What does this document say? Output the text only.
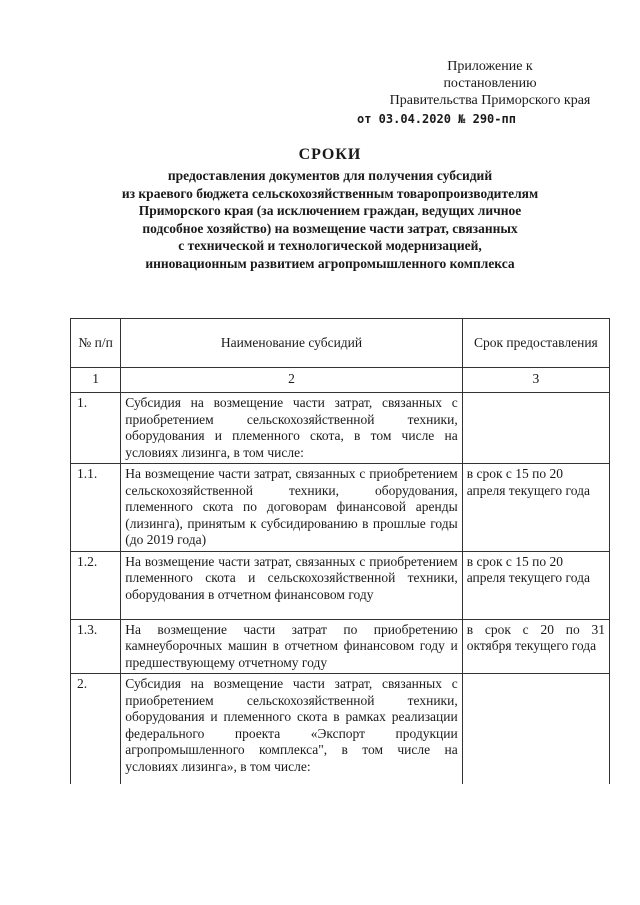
Приложение к
постановлению
Правительства Приморского края
от 03.04.2020 № 290-пп
СРОКИ
предоставления документов для получения субсидий
из краевого бюджета сельскохозяйственным товаропроизводителям
Приморского края (за исключением граждан, ведущих личное
подсобное хозяйство) на возмещение части затрат, связанных
с технической и технологической модернизацией,
инновационным развитием агропромышленного комплекса
№ п/п	Наименование субсидий	Срок предоставления
1	2	3
1.	Субсидия на возмещение части затрат, связанных с приобретением сельскохозяйственной техники, оборудования и племенного скота, в том числе на условиях лизинга, в том числе:	
1.1.	На возмещение части затрат, связанных с приобретением сельскохозяйственной техники, оборудования, племенного скота по договорам финансовой аренды (лизинга), принятым к субсидированию в прошлые годы (до 2019 года)	в срок с 15 по 20 апреля текущего года
1.2.	На возмещение части затрат, связанных с приобретением племенного скота и сельскохозяйственной техники, оборудования в отчетном финансовом году	в срок с 15 по 20 апреля текущего года
1.3.	На возмещение части затрат по приобретению камнеуборочных машин в отчетном финансовом году и предшествующему отчетному году	в срок с 20 по 31 октября текущего года
2.	Субсидия на возмещение части затрат, связанных с приобретением сельскохозяйственной техники, оборудования и племенного скота в рамках реализации федерального проекта «Экспорт продукции агропромышленного комплекса", в том числе на условиях лизинга», в том числе:	
